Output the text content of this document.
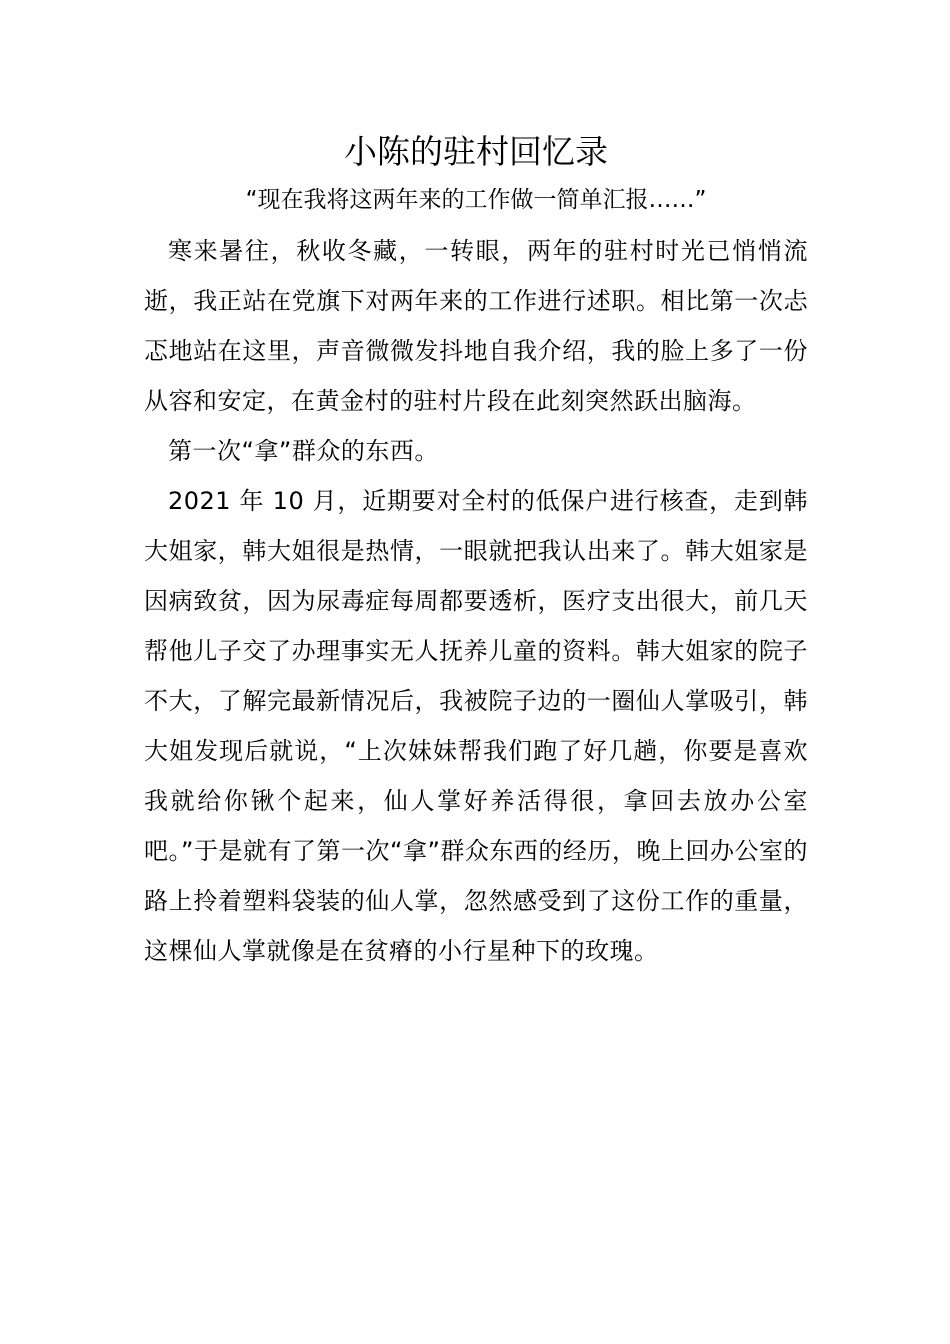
小陈的驻村回忆录

“现在我将这两年来的工作做一简单汇报……”

寒来暑往，秋收冬藏，一转眼，两年的驻村时光已悄悄流逝，我正站在党旗下对两年来的工作进行述职。相比第一次忐忑地站在这里，声音微微发抖地自我介绍，我的脸上多了一份从容和安定，在黄金村的驻村片段在此刻突然跃出脑海。

第一次“拿”群众的东西。

2021 年 10 月，近期要对全村的低保户进行核查，走到韩大姐家，韩大姐很是热情，一眼就把我认出来了。韩大姐家是因病致贫，因为尿毒症每周都要透析，医疗支出很大，前几天帮他儿子交了办理事实无人抚养儿童的资料。韩大姐家的院子不大，了解完最新情况后，我被院子边的一圈仙人掌吸引，韩大姐发现后就说，“上次妹妹帮我们跑了好几趟，你要是喜欢我就给你锹个起来，仙人掌好养活得很，拿回去放办公室吧。”于是就有了第一次“拿”群众东西的经历，晚上回办公室的路上拎着塑料袋装的仙人掌，忽然感受到了这份工作的重量，这棵仙人掌就像是在贫瘠的小行星种下的玫瑰。
